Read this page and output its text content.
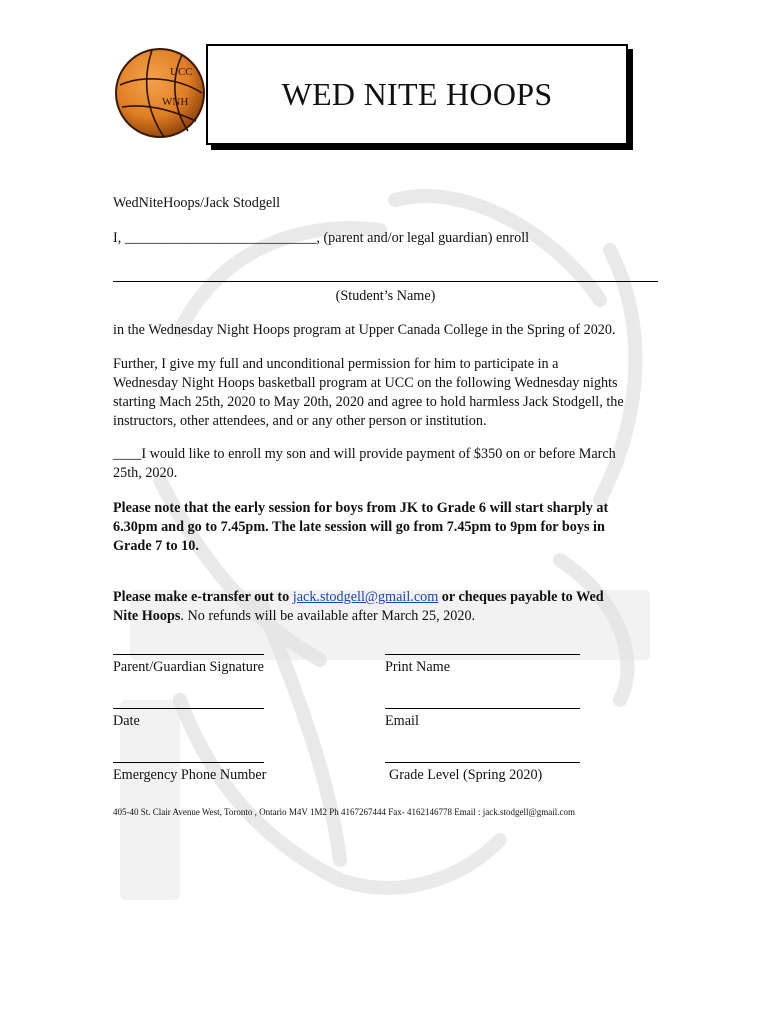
UCC
WNH	WED NITE HOOPS
WedNiteHoops/Jack Stodgell
I, ___________________________, (parent and/or legal guardian) enroll
(Student’s Name)
in the Wednesday Night Hoops program at Upper Canada College in the Spring of 2020.
Further, I give my full and unconditional permission for him to participate in a
Wednesday Night Hoops basketball program at UCC on the following Wednesday nights
starting Mach 25th, 2020 to May 20th, 2020 and agree to hold harmless Jack Stodgell, the
instructors, other attendees, and or any other person or institution.
____I would like to enroll my son and will provide payment of $350 on or before March
25th, 2020.
Please note that the early session for boys from JK to Grade 6 will start sharply at
6.30pm and go to 7.45pm. The late session will go from 7.45pm to 9pm for boys in
Grade 7 to 10.
Please make e-transfer out to jack.stodgell@gmail.com or cheques payable to Wed
Nite Hoops. No refunds will be available after March 25, 2020.
Parent/Guardian Signature	Print Name
Date	Email
Emergency Phone Number	Grade Level (Spring 2020)
405-40 St. Clair Avenue West, Toronto , Ontario M4V 1M2 Ph 4167267444 Fax- 4162146778 Email : jack.stodgell@gmail.com
